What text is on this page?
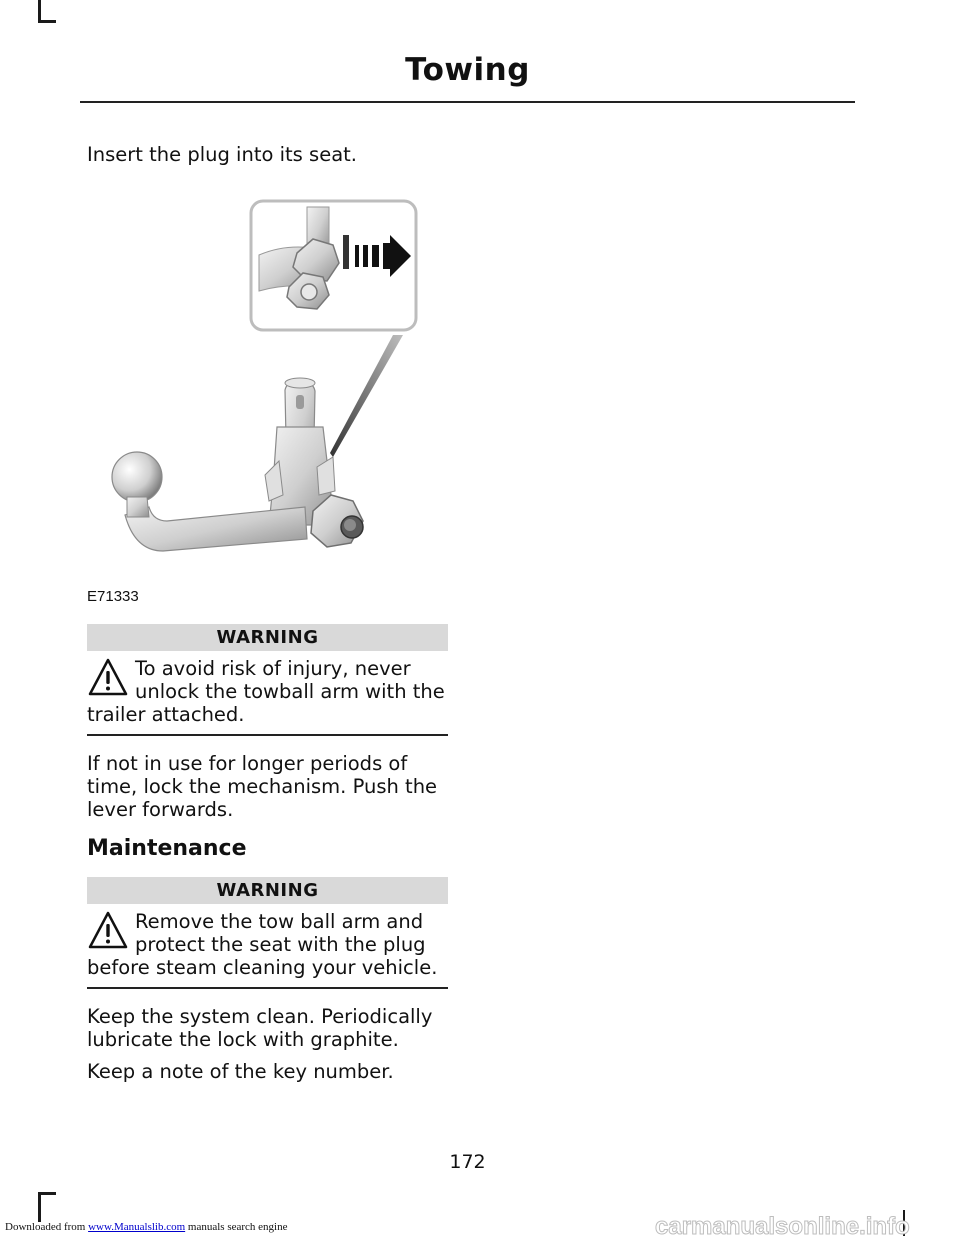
Towing

Insert the plug into its seat.

E71333
WARNING
To avoid risk of injury, never unlock the towball arm with the trailer attached.

If not in use for longer periods of time, lock the mechanism. Push the lever forwards.

Maintenance
WARNING
Remove the tow ball arm and protect the seat with the plug before steam cleaning your vehicle.

Keep the system clean. Periodically lubricate the lock with graphite.

Keep a note of the key number.

172
Downloaded from www.Manualslib.com manuals search engine	carmanualsonline.info
